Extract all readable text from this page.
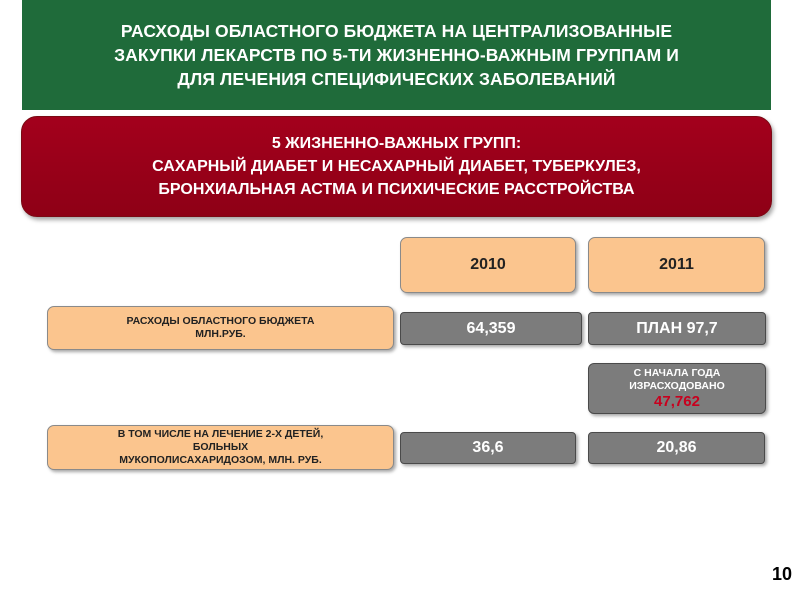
РАСХОДЫ ОБЛАСТНОГО БЮДЖЕТА НА ЦЕНТРАЛИЗОВАННЫЕ
ЗАКУПКИ ЛЕКАРСТВ ПО 5-ТИ ЖИЗНЕННО-ВАЖНЫМ ГРУППАМ И
ДЛЯ ЛЕЧЕНИЯ СПЕЦИФИЧЕСКИХ ЗАБОЛЕВАНИЙ
5 ЖИЗНЕННО-ВАЖНЫХ ГРУПП:
САХАРНЫЙ ДИАБЕТ И НЕСАХАРНЫЙ ДИАБЕТ, ТУБЕРКУЛЕЗ,
БРОНХИАЛЬНАЯ АСТМА И ПСИХИЧЕСКИЕ РАССТРОЙСТВА
2010	2011
РАСХОДЫ ОБЛАСТНОГО БЮДЖЕТА
МЛН.РУБ.	64,359	ПЛАН 97,7
С НАЧАЛА ГОДА
ИЗРАСХОДОВАНО
47,762
В ТОМ ЧИСЛЕ НА ЛЕЧЕНИЕ 2-Х ДЕТЕЙ,
БОЛЬНЫХ
МУКОПОЛИСАХАРИДОЗОМ, МЛН. РУБ.
36,6	20,86
10
